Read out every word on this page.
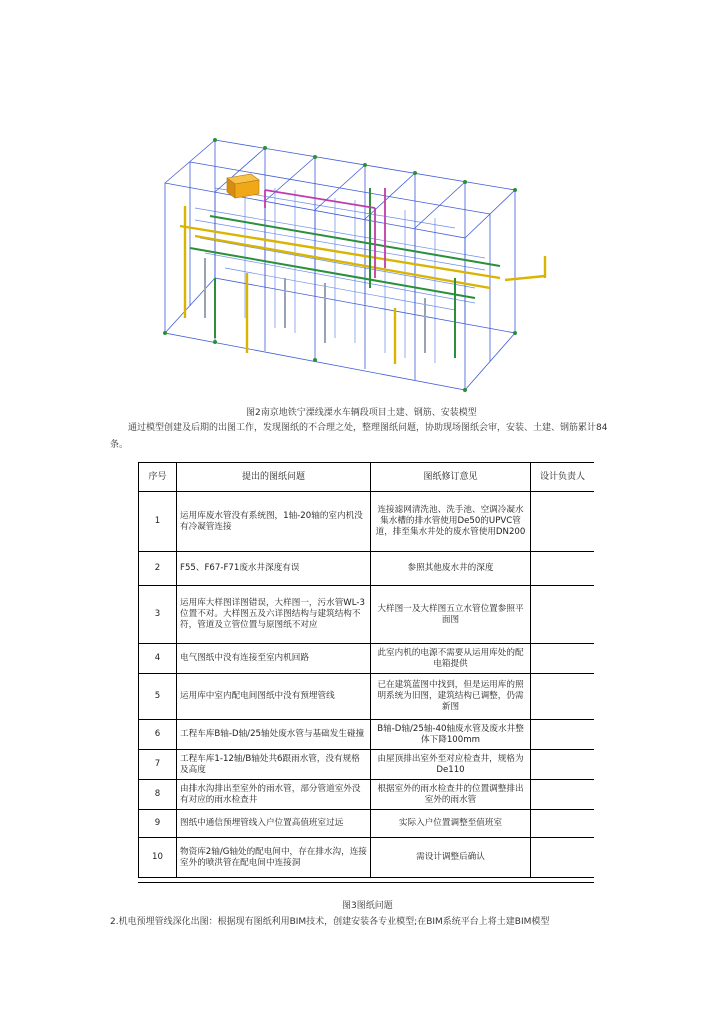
图2南京地铁宁溧线溧水车辆段项目土建、钢筋、安装模型
通过模型创建及后期的出图工作，发现图纸的不合理之处，整理图纸问题，协助现场图纸会审，安装、土建、钢筋累计84条。
序号	提出的图纸问题	图纸修订意见	设计负责人
1	运用库废水管没有系统图，1轴-20轴的室内机没有冷凝管连接	连接滤网清洗池、洗手池、空调冷凝水集水槽的排水管使用De50的UPVC管道，排至集水井处的废水管使用DN200	
2	F55、F67-F71废水井深度有误	参照其他废水井的深度	
3	运用库大样图详图错误，大样图一，污水管WL-3位置不对。大样图五及六详图结构与建筑结构不符，管道及立管位置与原图纸不对应	大样图一及大样图五立水管位置参照平面图	
4	电气图纸中没有连接至室内机回路	此室内机的电源不需要从运用库处的配电箱提供	
5	运用库中室内配电间图纸中没有预埋管线	已在建筑蓝图中找到，但是运用库的照明系统为旧图，建筑结构已调整，仍需新图	
6	工程车库B轴-D轴/25轴处废水管与基础发生碰撞	B轴-D轴/25轴-40轴废水管及废水井整体下降100mm	
7	工程车库1-12轴/B轴处共6跟雨水管，没有规格及高度	由屋顶排出室外至对应检查井，规格为De110	
8	由排水沟排出至室外的雨水管，部分管道室外没有对应的雨水检查井	根据室外的雨水检查井的位置调整排出室外的雨水管	
9	图纸中通信预埋管线入户位置高值班室过远	实际入户位置调整至值班室	
10	物资库2轴/G轴处的配电间中，存在排水沟，连接室外的喷洪管在配电间中连接洞	需设计调整后确认	
图3图纸问题
2.机电预埋管线深化出图：根据现有图纸利用BIM技术，创建安装各专业模型;在BIM系统平台上将土建BIM模型
